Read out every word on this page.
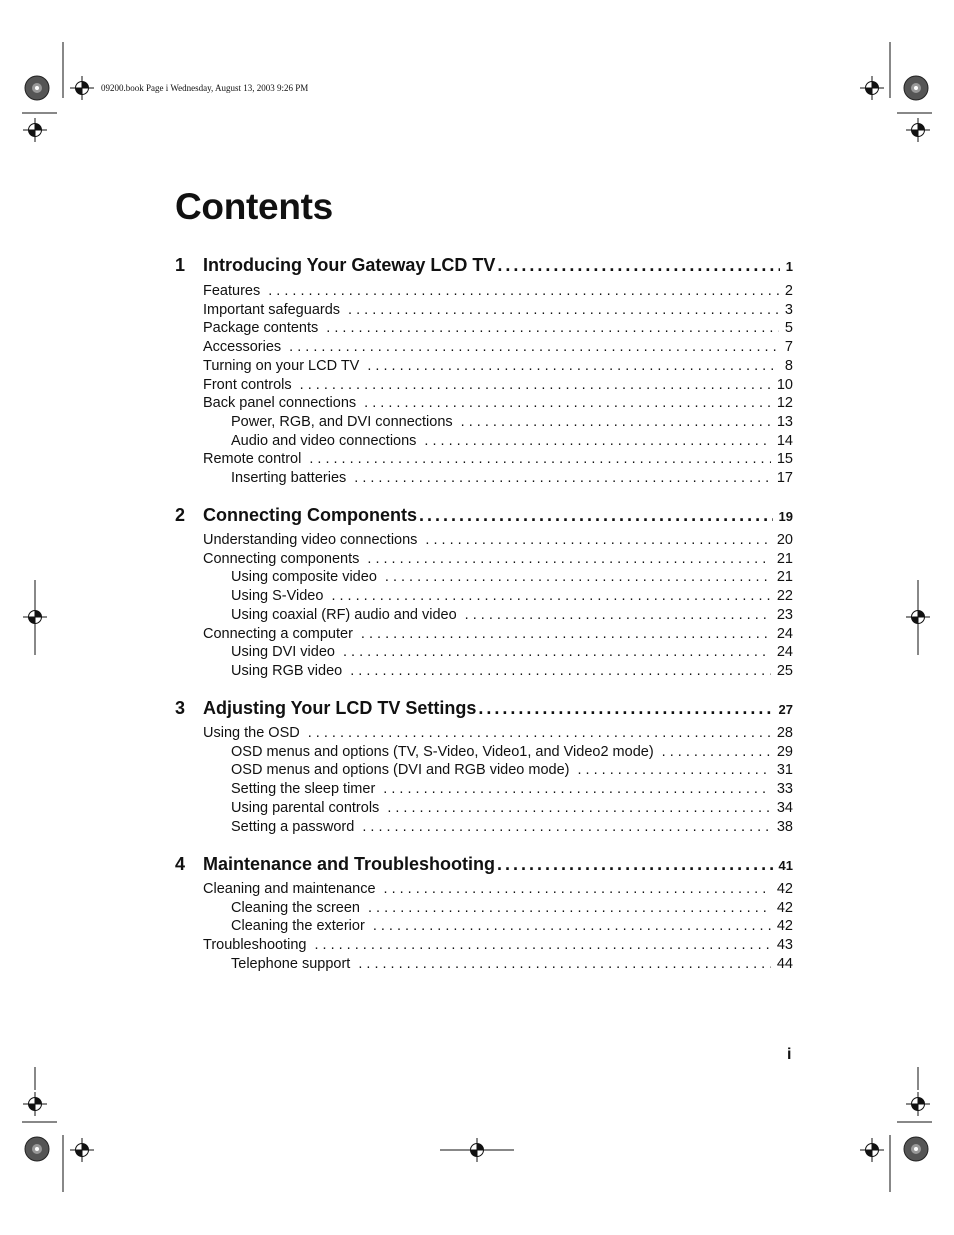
09200.book Page i Wednesday, August 13, 2003 9:26 PM
Contents
1 Introducing Your Gateway LCD TV . . .	1
Features . . .	2
Important safeguards . . .	3
Package contents . . .	5
Accessories . . .	7
Turning on your LCD TV . . .	8
Front controls . . .	10
Back panel connections . . .	12
Power, RGB, and DVI connections . . .	13
Audio and video connections . . .	14
Remote control . . .	15
Inserting batteries . . .	17
2 Connecting Components . . .	19
Understanding video connections . . .	20
Connecting components . . .	21
Using composite video . . .	21
Using S-Video . . .	22
Using coaxial (RF) audio and video . . .	23
Connecting a computer . . .	24
Using DVI video . . .	24
Using RGB video . . .	25
3 Adjusting Your LCD TV Settings . . .	27
Using the OSD . . .	28
OSD menus and options (TV, S-Video, Video1, and Video2 mode) . . .	29
OSD menus and options (DVI and RGB video mode) . . .	31
Setting the sleep timer . . .	33
Using parental controls . . .	34
Setting a password . . .	38
4 Maintenance and Troubleshooting . . .	41
Cleaning and maintenance . . .	42
Cleaning the screen . . .	42
Cleaning the exterior . . .	42
Troubleshooting . . .	43
Telephone support . . .	44
i
